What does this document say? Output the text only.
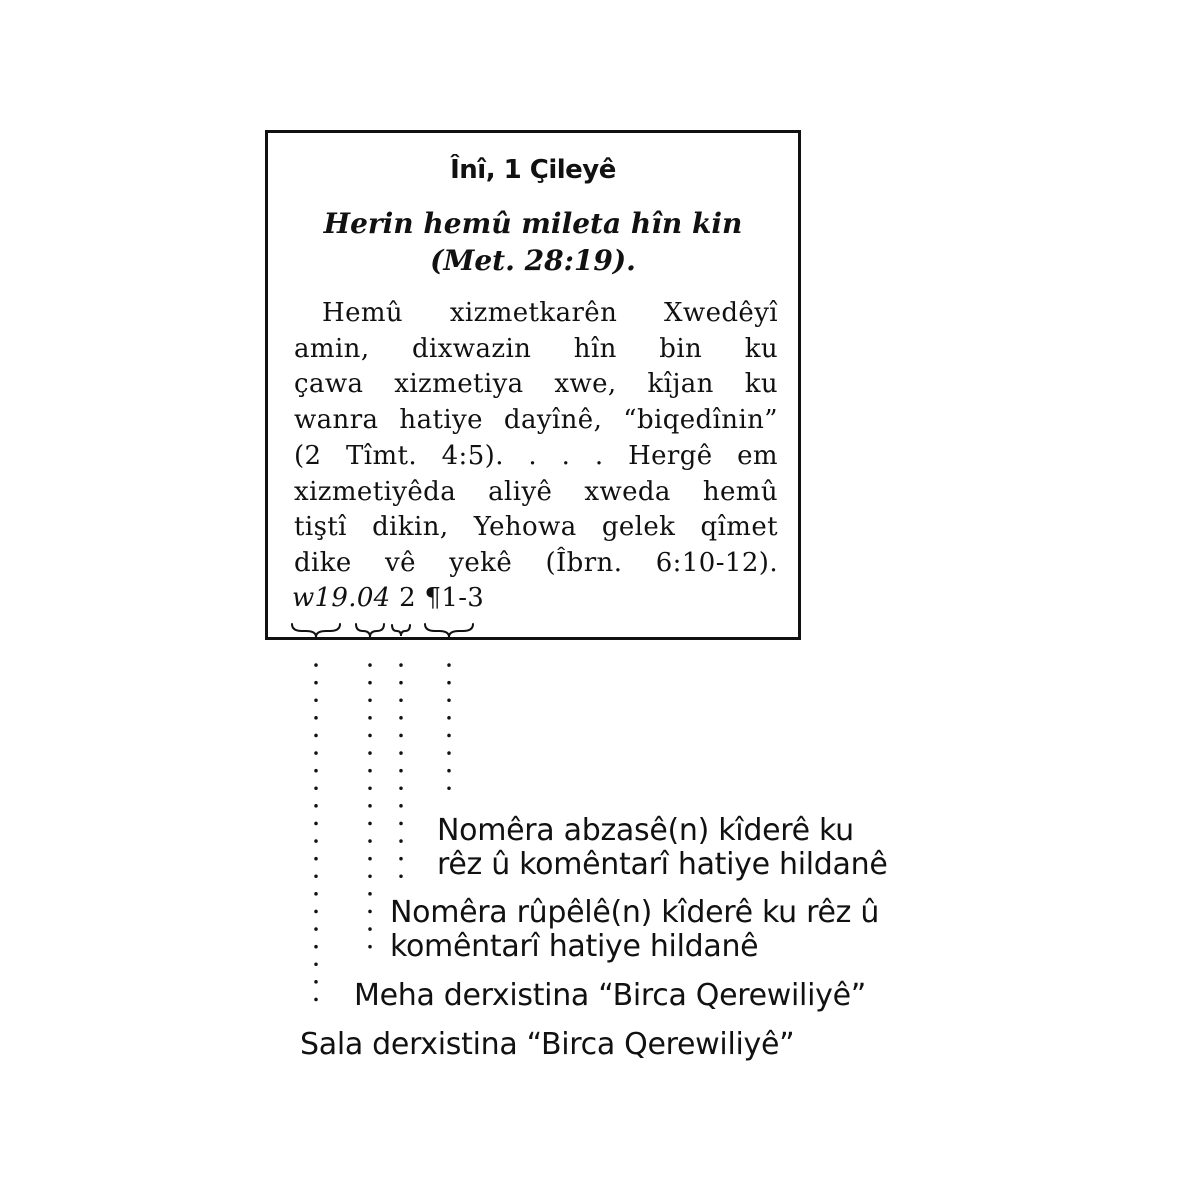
Înî, 1 Çileyê
Herin hemû mileta hîn kin
(Met. 28:19).
Hemû xizmetkarên Xwedêyî
amin, dixwazin hîn bin ku
çawa xizmetiya xwe, kîjan ku
wanra hatiye dayînê, “biqedînin”
(2 Tîmt. 4:5). . . . Hergê em
xizmetiyêda aliyê xweda hemû
tiştî dikin, Yehowa gelek qîmet
dike vê yekê (Îbrn. 6:10-12).
w19.04 2 ¶1-3
Nomêra abzasê(n) kîderê ku
rêz û komêntarî hatiye hildanê
Nomêra rûpêlê(n) kîderê ku rêz û
komêntarî hatiye hildanê
Meha derxistina “Birca Qerewiliyê”
Sala derxistina “Birca Qerewiliyê”
